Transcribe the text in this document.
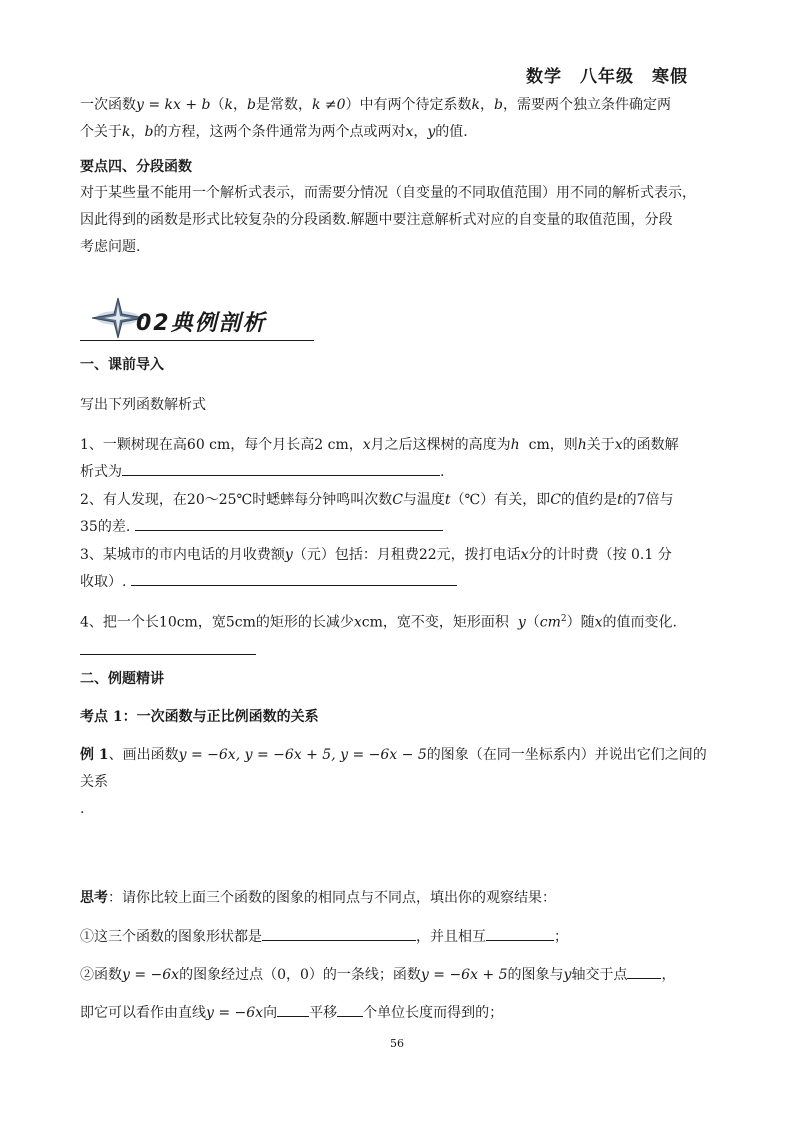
数学　八年级　寒假
一次函数y = kx + b（k，b是常数，k ≠0）中有两个待定系数k，b，需要两个独立条件确定两
个关于k，b的方程，这两个条件通常为两个点或两对x，y的值.
要点四、分段函数
对于某些量不能用一个解析式表示，而需要分情况（自变量的不同取值范围）用不同的解析式表示，
因此得到的函数是形式比较复杂的分段函数.解题中要注意解析式对应的自变量的取值范围，分段
考虑问题.
02典例剖析
一、课前导入
写出下列函数解析式
1、一颗树现在高60 cm，每个月长高2 cm，x月之后这棵树的高度为h cm，则h关于x的函数解
析式为	.
2、有人发现，在20～25℃时蟋蟀每分钟鸣叫次数C与温度t（℃）有关，即C的值约是t的7倍与
35的差.
3、某城市的市内电话的月收费额y（元）包括：月租费22元，拨打电话x分的计时费（按 0.1 分
收取）.
4、把一个长10cm，宽5cm的矩形的长减少xcm，宽不变，矩形面积 $y(cm^2)$随x的值而变化.
二、例题精讲
考点 1：一次函数与正比例函数的关系
例 1、画出函数y = −6x, y = −6x + 5, y = −6x − 5的图象（在同一坐标系内）并说出它们之间的关系
.
思考：请你比较上面三个函数的图象的相同点与不同点，填出你的观察结果：
①这三个函数的图象形状都是	，并且相互	；
②函数y = −6x的图象经过点（0，0）的一条线；函数y = −6x + 5的图象与y轴交于点 ，
即它可以看作由直线y = −6x向 平移 个单位长度而得到的；
56
